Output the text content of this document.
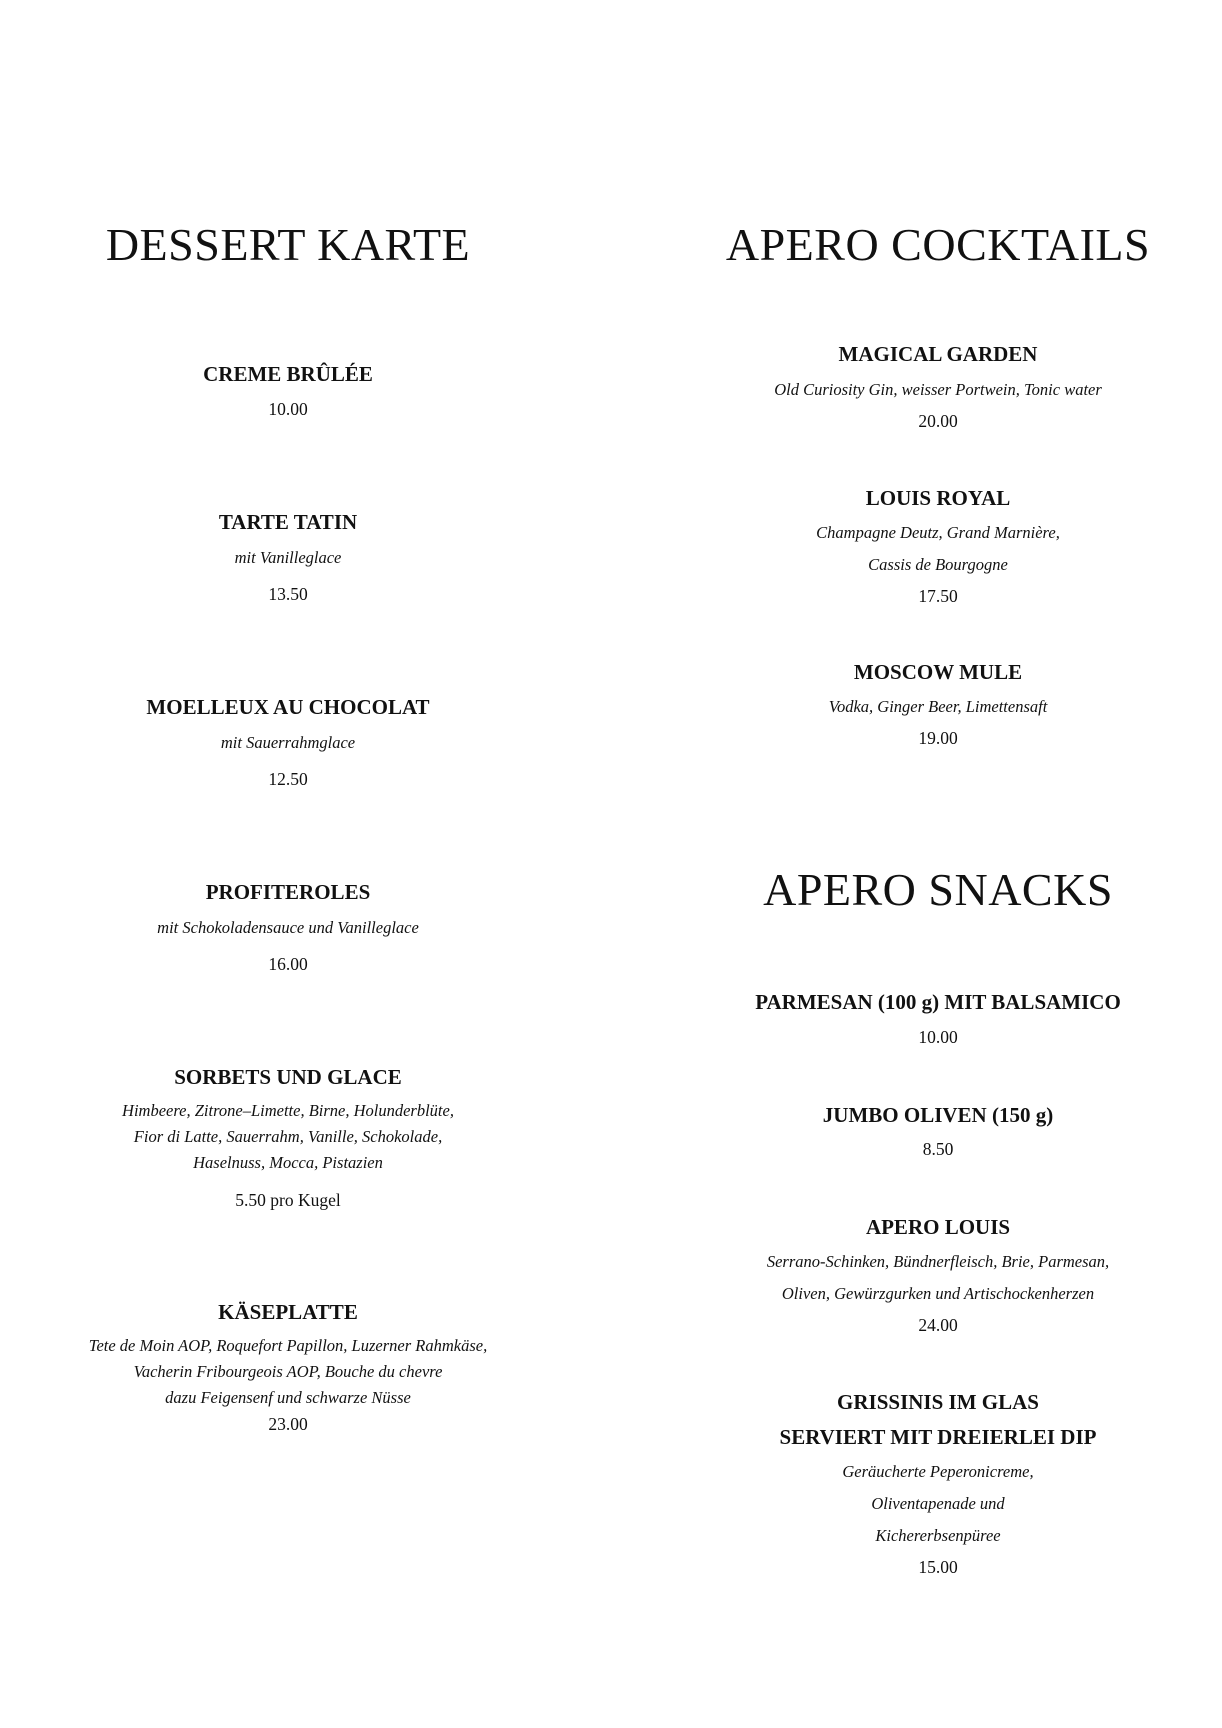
DESSERT KARTE
CREME BRÛLÉE
10.00
TARTE TATIN
mit Vanilleglace
13.50
MOELLEUX AU CHOCOLAT
mit Sauerrahmglace
12.50
PROFITEROLES
mit Schokoladensauce und Vanilleglace
16.00
SORBETS UND GLACE
Himbeere, Zitrone–Limette, Birne, Holunderblüte,
Fior di Latte, Sauerrahm, Vanille, Schokolade,
Haselnuss, Mocca, Pistazien
5.50 pro Kugel
KÄSEPLATTE
Tete de Moin AOP, Roquefort Papillon, Luzerner Rahmkäse,
Vacherin Fribourgeois AOP, Bouche du chevre
dazu Feigensenf und schwarze Nüsse
23.00
APERO COCKTAILS
MAGICAL GARDEN
Old Curiosity Gin, weisser Portwein, Tonic water
20.00
LOUIS ROYAL
Champagne Deutz, Grand Marnière,
Cassis de Bourgogne
17.50
MOSCOW MULE
Vodka, Ginger Beer, Limettensaft
19.00
APERO SNACKS
PARMESAN (100 g) MIT BALSAMICO
10.00
JUMBO OLIVEN (150 g)
8.50
APERO LOUIS
Serrano-Schinken, Bündnerfleisch, Brie, Parmesan,
Oliven, Gewürzgurken und Artischockenherzen
24.00
GRISSINIS IM GLAS
SERVIERT MIT DREIERLEI DIP
Geräucherte Peperonicreme,
Oliventapenade und
Kichererbsenpüree
15.00
